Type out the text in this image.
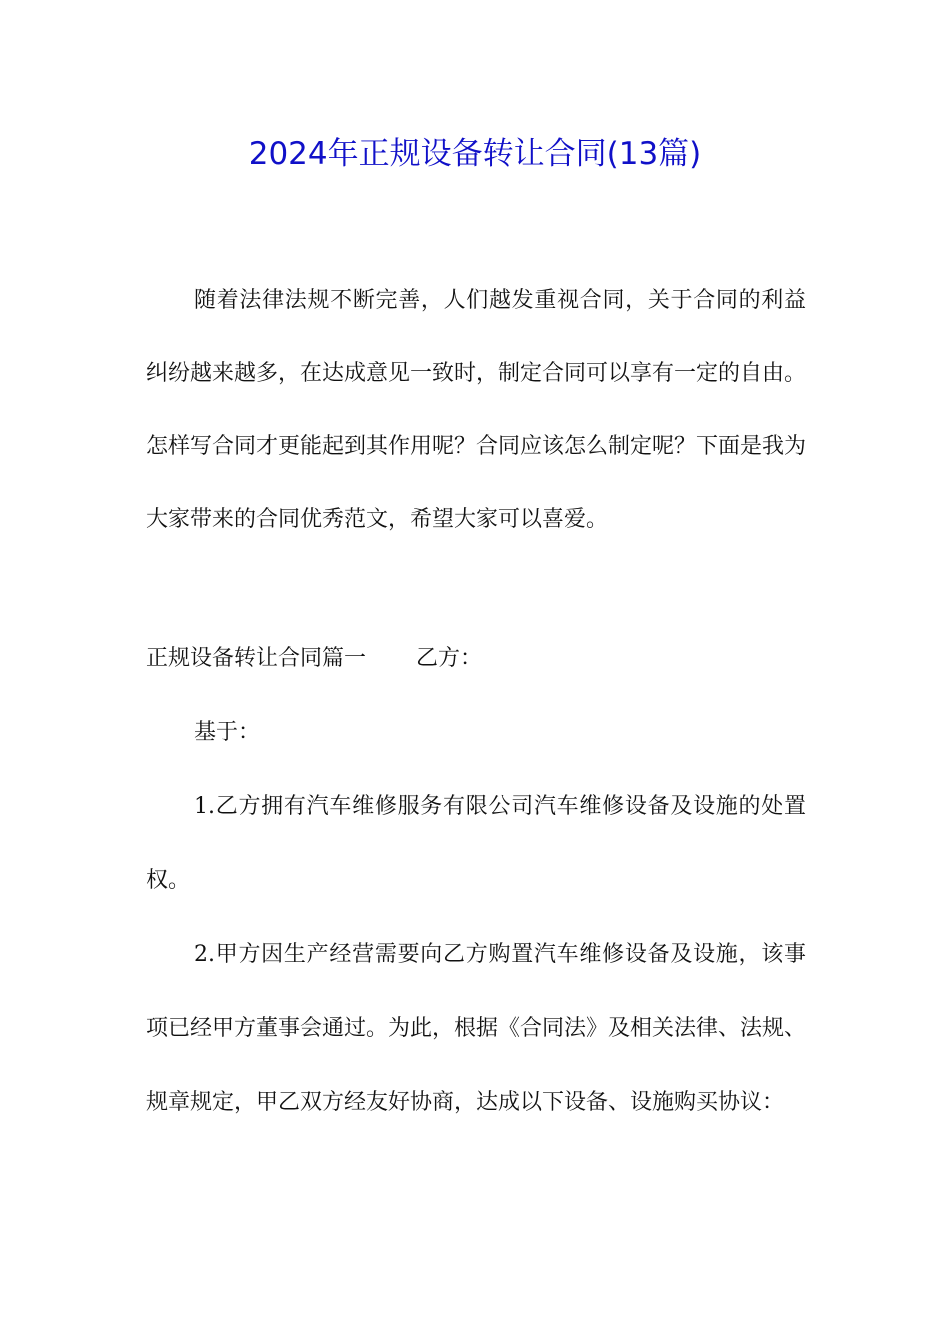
2024年正规设备转让合同(13篇)

随着法律法规不断完善，人们越发重视合同，关于合同的利益纠纷越来越多，在达成意见一致时，制定合同可以享有一定的自由。怎样写合同才更能起到其作用呢？合同应该怎么制定呢？下面是我为大家带来的合同优秀范文，希望大家可以喜爱。

正规设备转让合同篇一 乙方：

基于：

1.乙方拥有汽车维修服务有限公司汽车维修设备及设施的处置权。

2.甲方因生产经营需要向乙方购置汽车维修设备及设施，该事项已经甲方董事会通过。为此，根据《合同法》及相关法律、法规、规章规定，甲乙双方经友好协商，达成以下设备、设施购买协议：
